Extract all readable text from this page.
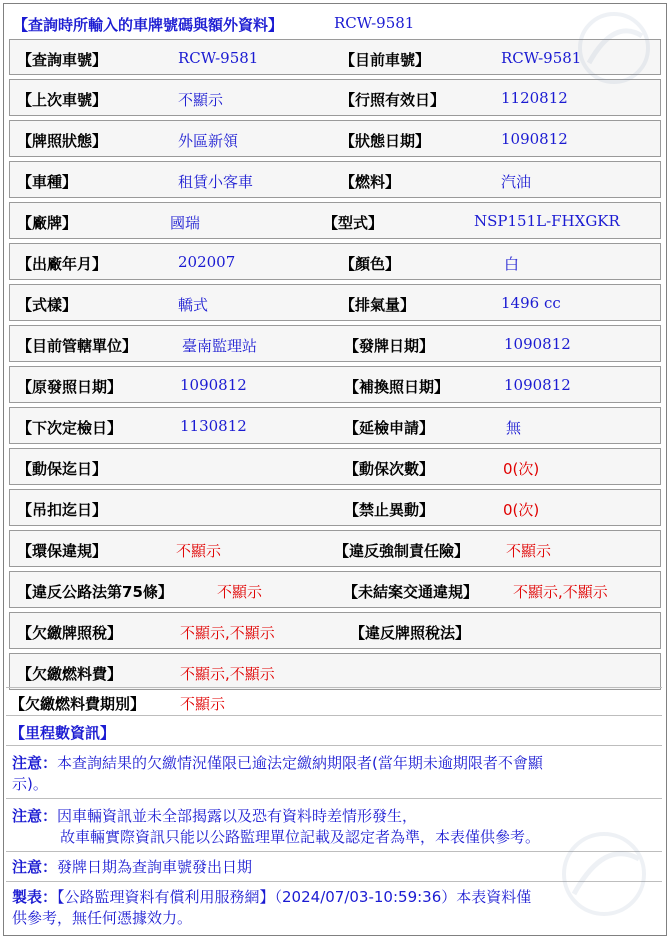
【查詢時所輸入的車牌號碼與額外資料】	RCW-9581
【查詢車號】	RCW-9581	【目前車號】	RCW-9581
【上次車號】	不顯示	【行照有效日】	1120812
【牌照狀態】	外區新領	【狀態日期】	1090812
【車種】	租賃小客車	【燃料】	汽油
【廠牌】	國瑞	【型式】	NSP151L-FHXGKR
【出廠年月】	202007	【顏色】	白
【式樣】	轎式	【排氣量】	1496 cc
【目前管轄單位】	臺南監理站	【發牌日期】	1090812
【原發照日期】	1090812	【補換照日期】	1090812
【下次定檢日】	1130812	【延檢申請】	無
【動保迄日】	【動保次數】	0(次)
【吊扣迄日】	【禁止異動】	0(次)
【環保違規】	不顯示	【違反強制責任險】 不顯示
【違反公路法第75條】	不顯示	【未結案交通違規】 不顯示,不顯示
【欠繳牌照稅】	不顯示,不顯示	【違反牌照稅法】
【欠繳燃料費】	不顯示,不顯示
【欠繳燃料費期別】 不顯示
【里程數資訊】
注意：本查詢結果的欠繳情況僅限已逾法定繳納期限者(當年期未逾期限者不會顯
示)。
注意：因車輛資訊並未全部揭露以及恐有資料時差情形發生，
故車輛實際資訊只能以公路監理單位記載及認定者為準，本表僅供參考。
注意：發牌日期為查詢車號發出日期
製表：【公路監理資料有償利用服務網】（2024/07/03-10:59:36）本表資料僅
供參考，無任何憑據效力。
